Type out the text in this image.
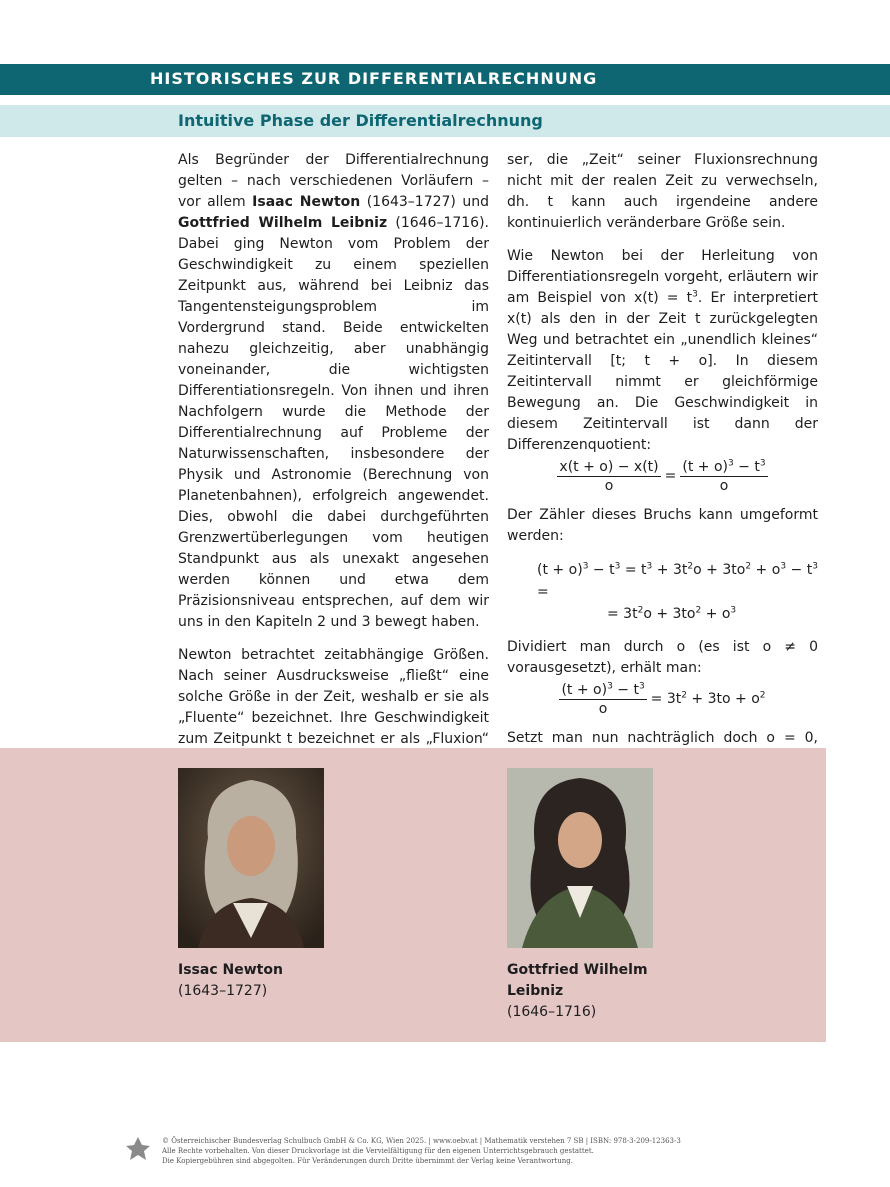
HISTORISCHES ZUR DIFFERENTIALRECHNUNG
Intuitive Phase der Differentialrechnung

Als Begründer der Differentialrechnung gelten – nach verschiedenen Vorläufern – vor allem Isaac Newton (1643–1727) und Gottfried Wilhelm Leibniz (1646–1716). Dabei ging Newton vom Problem der Geschwindigkeit zu einem speziellen Zeitpunkt aus, während bei Leibniz das Tangentensteigungsproblem im Vordergrund stand. Beide entwickelten nahezu gleichzeitig, aber unabhängig voneinander, die wichtigsten Differentiationsregeln. Von ihnen und ihren Nachfolgern wurde die Methode der Differentialrechnung auf Probleme der Naturwissenschaften, insbesondere der Physik und Astronomie (Berechnung von Planetenbahnen), erfolgreich angewendet. Dies, obwohl die dabei durchgeführten Grenzwertüberlegungen vom heutigen Standpunkt aus als unexakt angesehen werden können und etwa dem Präzisionsniveau entsprechen, auf dem wir uns in den Kapiteln 2 und 3 bewegt haben.

Newton betrachtet zeitabhängige Größen. Nach seiner Ausdrucksweise „fließt“ eine solche Größe in der Zeit, weshalb er sie als „Fluente“ bezeichnet. Ihre Geschwindigkeit zum Zeitpunkt t bezeichnet er als „Fluxion“

ser, die „Zeit“ seiner Fluxionsrechnung nicht mit der realen Zeit zu verwechseln, dh. t kann auch irgendeine andere kontinuierlich veränderbare Größe sein.

Wie Newton bei der Herleitung von Differentiationsregeln vorgeht, erläutern wir am Beispiel von $x(t) = t^3$. Er interpretiert x(t) als den in der Zeit t zurückgelegten Weg und betrachtet ein „unendlich kleines“ Zeitintervall [t; t + o]. In diesem Zeitintervall nimmt er gleichförmige Bewegung an. Die Geschwindigkeit in diesem Zeitintervall ist dann der Differenzenquotient:

$\frac{x(t + o) - x(t)}{o} = \frac{(t + o)^3 - t^3}{o}$

Der Zähler dieses Bruchs kann umgeformt werden:

$(t + o)^3 - t^3 = t^3 + 3t^2o + 3to^2 + o^3 - t^3$ =
= $3t^2o + 3to^2 + o^3$

Dividiert man durch o (es ist o ≠ 0 vorausgesetzt), erhält man:

$\frac{(t + o)^3 - t^3}{o} = 3t^2 + 3to + o^2$

Setzt man nun nachträglich doch o = 0,

Issac Newton
(1643–1727)
Gottfried Wilhelm Leibniz
(1646–1716)
© Österreichischer Bundesverlag Schulbuch GmbH & Co. KG, Wien 2025. | www.oebv.at | Mathematik verstehen 7 SB | ISBN: 978-3-209-12363-3
Alle Rechte vorbehalten. Von dieser Druckvorlage ist die Vervielfältigung für den eigenen Unterrichtsgebrauch gestattet.
Die Kopiergebühren sind abgegolten. Für Veränderungen durch Dritte übernimmt der Verlag keine Verantwortung.
